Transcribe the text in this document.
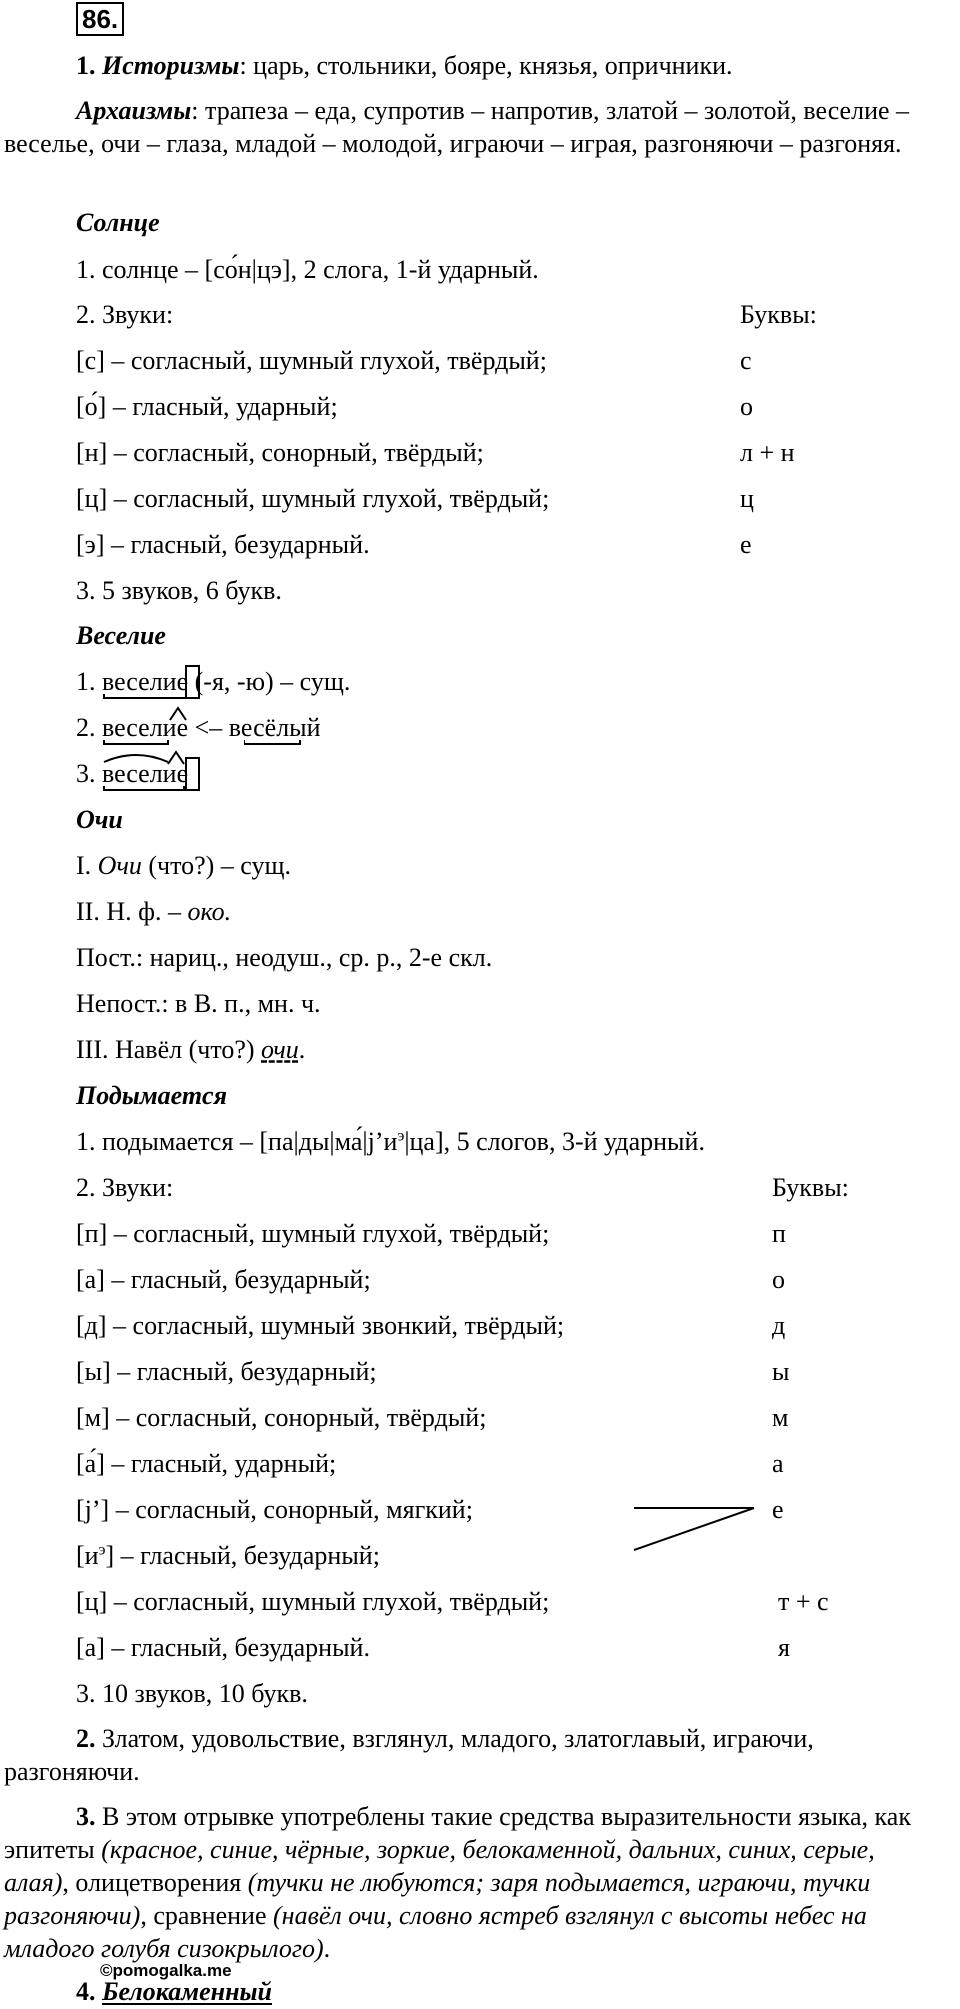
86.
1. Историзмы: царь, стольники, бояре, князья, опричники.
Архаизмы: трапеза – еда, супротив – напротив, златой – золотой, веселие – веселье, очи – глаза, младой – молодой, играючи – играя, разгоняючи – разгоняя.
Солнце
1. солнце – [со́н|цэ], 2 слога, 1-й ударный.
2. Звуки:	Буквы:
[с] – согласный, шумный глухой, твёрдый;	с
[о́] – гласный, ударный;	о
[н] – согласный, сонорный, твёрдый;	л + н
[ц] – согласный, шумный глухой, твёрдый;	ц
[э] – гласный, безударный.	е
3. 5 звуков, 6 букв.
Веселие
1. веселие
(-я, -ю) – сущ.
2. веселие
<– весёлый
3. веселие
Очи
I. Очи (что?) – сущ.
II. Н. ф. – око.
Пост.: нариц., неодуш., ср. р., 2-е скл.
Непост.: в В. п., мн. ч.
III. Навёл (что?) очи.
Подымается
1. подымается – $[па|ды|ма́|j’и^э|ца]$, 5 слогов, 3-й ударный.
2. Звуки:	Буквы:
[п] – согласный, шумный глухой, твёрдый;	п
[а] – гласный, безударный;	о
[д] – согласный, шумный звонкий, твёрдый;	д
[ы] – гласный, безударный;	ы
[м] – согласный, сонорный, твёрдый;	м
[а́] – гласный, ударный;	а
[j’] – согласный, сонорный, мягкий;	е
$[и^э]$ – гласный, безударный;
[ц] – согласный, шумный глухой, твёрдый;	т + с
[а] – гласный, безударный.	я
3. 10 звуков, 10 букв.
2. Златом, удовольствие, взглянул, младого, златоглавый, играючи, разгоняючи.
3. В этом отрывке употреблены такие средства выразительности языка, как эпитеты (красное, синие, чёрные, зоркие, белокаменной, дальних, синих, серые, алая), олицетворения (тучки не любуются; заря подымается, играючи, тучки разгоняючи), сравнение (навёл очи, словно ястреб взглянул с высоты небес на младого голубя сизокрылого).
©pomogalka.me
4. Белокаменный
